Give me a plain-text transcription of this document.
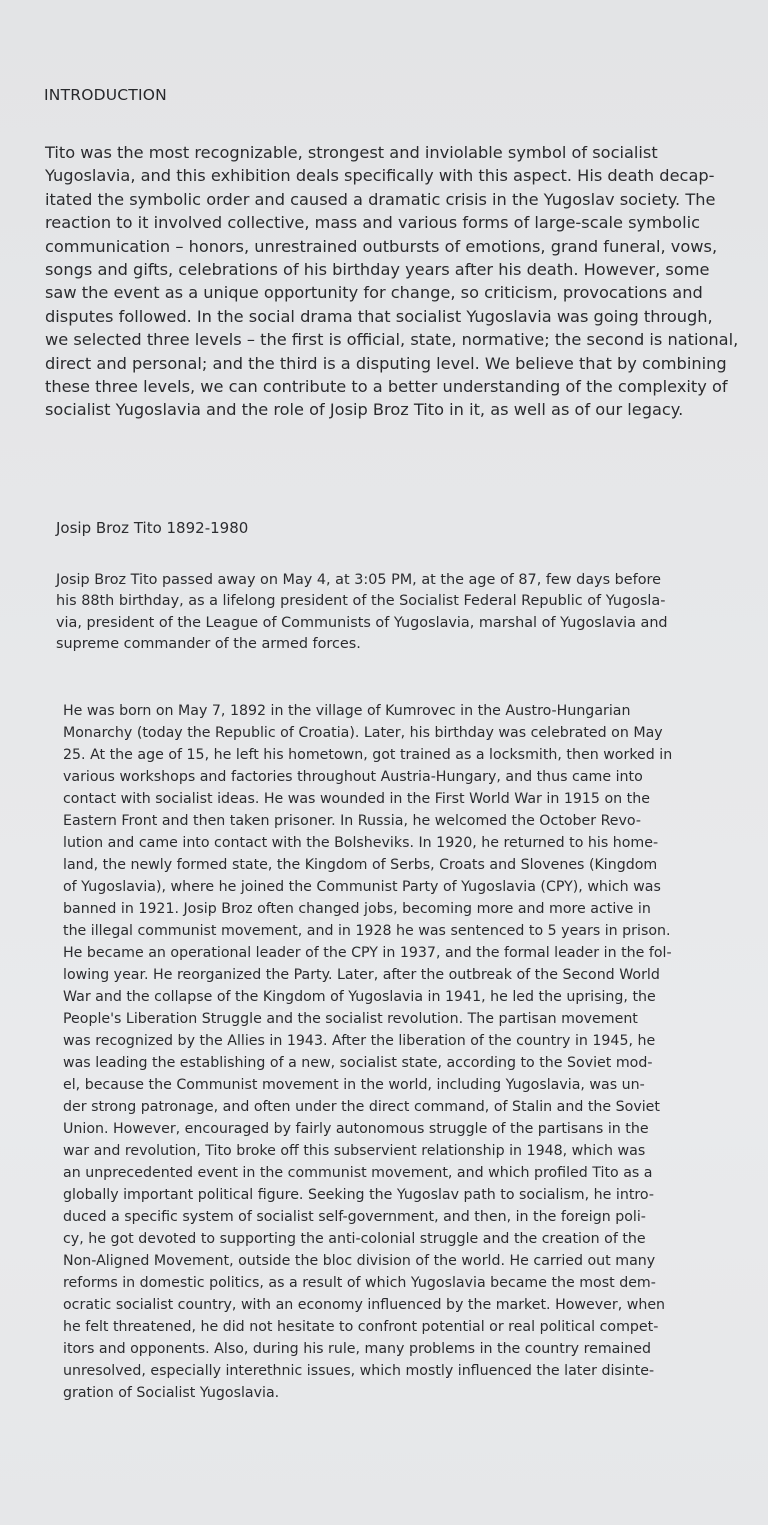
INTRODUCTION
Tito was the most recognizable, strongest and inviolable symbol of socialist
Yugoslavia, and this exhibition deals specifically with this aspect. His death decap-
itated the symbolic order and caused a dramatic crisis in the Yugoslav society. The
reaction to it involved collective, mass and various forms of large-scale symbolic
communication – honors, unrestrained outbursts of emotions, grand funeral, vows,
songs and gifts, celebrations of his birthday years after his death. However, some
saw the event as a unique opportunity for change, so criticism, provocations and
disputes followed. In the social drama that socialist Yugoslavia was going through,
we selected three levels – the first is official, state, normative; the second is national,
direct and personal; and the third is a disputing level. We believe that by combining
these three levels, we can contribute to a better understanding of the complexity of
socialist Yugoslavia and the role of Josip Broz Tito in it, as well as of our legacy.
Josip Broz Tito 1892-1980
Josip Broz Tito passed away on May 4, at 3:05 PM, at the age of 87, few days before
his 88th birthday, as a lifelong president of the Socialist Federal Republic of Yugosla-
via, president of the League of Communists of Yugoslavia, marshal of Yugoslavia and
supreme commander of the armed forces.
He was born on May 7, 1892 in the village of Kumrovec in the Austro-Hungarian
Monarchy (today the Republic of Croatia). Later, his birthday was celebrated on May
25. At the age of 15, he left his hometown, got trained as a locksmith, then worked in
various workshops and factories throughout Austria-Hungary, and thus came into
contact with socialist ideas. He was wounded in the First World War in 1915 on the
Eastern Front and then taken prisoner. In Russia, he welcomed the October Revo-
lution and came into contact with the Bolsheviks. In 1920, he returned to his home-
land, the newly formed state, the Kingdom of Serbs, Croats and Slovenes (Kingdom
of Yugoslavia), where he joined the Communist Party of Yugoslavia (CPY), which was
banned in 1921. Josip Broz often changed jobs, becoming more and more active in
the illegal communist movement, and in 1928 he was sentenced to 5 years in prison.
He became an operational leader of the CPY in 1937, and the formal leader in the fol-
lowing year. He reorganized the Party. Later, after the outbreak of the Second World
War and the collapse of the Kingdom of Yugoslavia in 1941, he led the uprising, the
People's Liberation Struggle and the socialist revolution. The partisan movement
was recognized by the Allies in 1943. After the liberation of the country in 1945, he
was leading the establishing of a new, socialist state, according to the Soviet mod-
el, because the Communist movement in the world, including Yugoslavia, was un-
der strong patronage, and often under the direct command, of Stalin and the Soviet
Union. However, encouraged by fairly autonomous struggle of the partisans in the
war and revolution, Tito broke off this subservient relationship in 1948, which was
an unprecedented event in the communist movement, and which profiled Tito as a
globally important political figure. Seeking the Yugoslav path to socialism, he intro-
duced a specific system of socialist self-government, and then, in the foreign poli-
cy, he got devoted to supporting the anti-colonial struggle and the creation of the
Non-Aligned Movement, outside the bloc division of the world. He carried out many
reforms in domestic politics, as a result of which Yugoslavia became the most dem-
ocratic socialist country, with an economy influenced by the market. However, when
he felt threatened, he did not hesitate to confront potential or real political compet-
itors and opponents. Also, during his rule, many problems in the country remained
unresolved, especially interethnic issues, which mostly influenced the later disinte-
gration of Socialist Yugoslavia.
